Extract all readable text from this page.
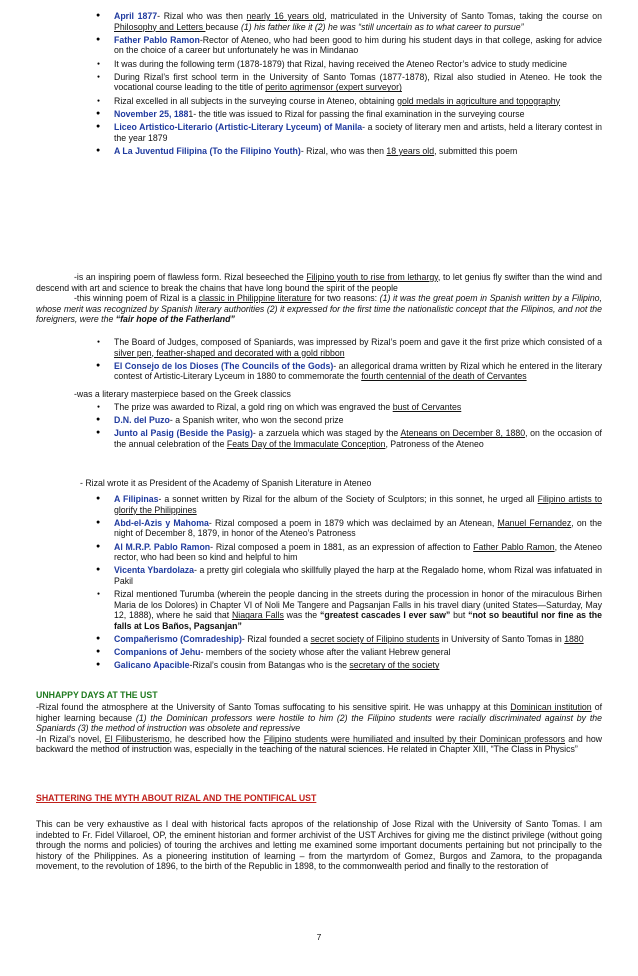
● April 1877- Rizal who was then nearly 16 years old, matriculated in the University of Santo Tomas, taking the course on Philosophy and Letters because (1) his father like it (2) he was “still uncertain as to what career to pursue”
● Father Pablo Ramon-Rector of Ateneo, who had been good to him during his student days in that college, asking for advice on the choice of a career but unfortunately he was in Mindanao
● It was during the following term (1878-1879) that Rizal, having received the Ateneo Rector’s advice to study medicine
● During Rizal’s first school term in the University of Santo Tomas (1877-1878), Rizal also studied in Ateneo. He took the vocational course leading to the title of perito agrimensor (expert surveyor)
● Rizal excelled in all subjects in the surveying course in Ateneo, obtaining gold medals in agriculture and topography
● November 25, 1881- the title was issued to Rizal for passing the final examination in the surveying course
● Liceo Artistico-Literario (Artistic-Literary Lyceum) of Manila- a society of literary men and artists, held a literary contest in the year 1879
● A La Juventud Filipina (To the Filipino Youth)- Rizal, who was then 18 years old, submitted this poem

-is an inspiring poem of flawless form. Rizal beseeched the Filipino youth to rise from lethargy, to let genius fly swifter than the wind and descend with art and science to break the chains that have long bound the spirit of the people

-this winning poem of Rizal is a classic in Philippine literature for two reasons: (1) it was the great poem in Spanish written by a Filipino, whose merit was recognized by Spanish literary authorities (2) it expressed for the first time the nationalistic concept that the Filipinos, and not the foreigners, were the “fair hope of the Fatherland”

● The Board of Judges, composed of Spaniards, was impressed by Rizal’s poem and gave it the first prize which consisted of a silver pen, feather-shaped and decorated with a gold ribbon
● El Consejo de los Dioses (The Councils of the Gods)- an allegorical drama written by Rizal which he entered in the literary contest of Artistic-Literary Lyceum in 1880 to commemorate the fourth centennial of the death of Cervantes

-was a literary masterpiece based on the Greek classics

● The prize was awarded to Rizal, a gold ring on which was engraved the bust of Cervantes
● D.N. del Puzo- a Spanish writer, who won the second prize
● Junto al Pasig (Beside the Pasig)- a zarzuela which was staged by the Ateneans on December 8, 1880, on the occasion of the annual celebration of the Feats Day of the Immaculate Conception, Patroness of the Ateneo

- Rizal wrote it as President of the Academy of Spanish Literature in Ateneo

● A Filipinas- a sonnet written by Rizal for the album of the Society of Sculptors; in this sonnet, he urged all Filipino artists to glorify the Philippines
● Abd-el-Azis y Mahoma- Rizal composed a poem in 1879 which was declaimed by an Atenean, Manuel Fernandez, on the night of December 8, 1879, in honor of the Ateneo’s Patroness
● Al M.R.P. Pablo Ramon- Rizal composed a poem in 1881, as an expression of affection to Father Pablo Ramon, the Ateneo rector, who had been so kind and helpful to him
● Vicenta Ybardolaza- a pretty girl colegiala who skillfully played the harp at the Regalado home, whom Rizal was infatuated in Pakil
● Rizal mentioned Turumba (wherein the people dancing in the streets during the procession in honor of the miraculous Birhen Maria de los Dolores) in Chapter VI of Noli Me Tangere and Pagsanjan Falls in his travel diary (united States—Saturday, May 12, 1888), where he said that Niagara Falls was the “greatest cascades I ever saw” but “not so beautiful nor fine as the falls at Los Baños, Pagsanjan”
● Compañerismo (Comradeship)- Rizal founded a secret society of Filipino students in University of Santo Tomas in 1880
● Companions of Jehu- members of the society whose after the valiant Hebrew general
● Galicano Apacible-Rizal’s cousin from Batangas who is the secretary of the society

UNHAPPY DAYS AT THE UST

-Rizal found the atmosphere at the University of Santo Tomas suffocating to his sensitive spirit. He was unhappy at this Dominican institution of higher learning because (1) the Dominican professors were hostile to him (2) the Filipino students were racially discriminated against by the Spaniards (3) the method of instruction was obsolete and repressive

-In Rizal’s novel, El Filibusterismo, he described how the Filipino students were humiliated and insulted by their Dominican professors and how backward the method of instruction was, especially in the teaching of the natural sciences. He related in Chapter XIII, “The Class in Physics”

SHATTERING THE MYTH ABOUT RIZAL AND THE PONTIFICAL UST

This can be very exhaustive as I deal with historical facts apropos of the relationship of Jose Rizal with the University of Santo Tomas. I am indebted to Fr. Fidel Villaroel, OP, the eminent historian and former archivist of the UST Archives for giving me the distinct privilege (without going through the norms and policies) of touring the archives and letting me examined some important documents pertaining but not principally to the history of the Philippines. As a pioneering institution of learning – from the martyrdom of Gomez, Burgos and Zamora, to the propaganda movement, to the revolution of 1896, to the birth of the Republic in 1898, to the commonwealth period and finally to the restoration of

7
